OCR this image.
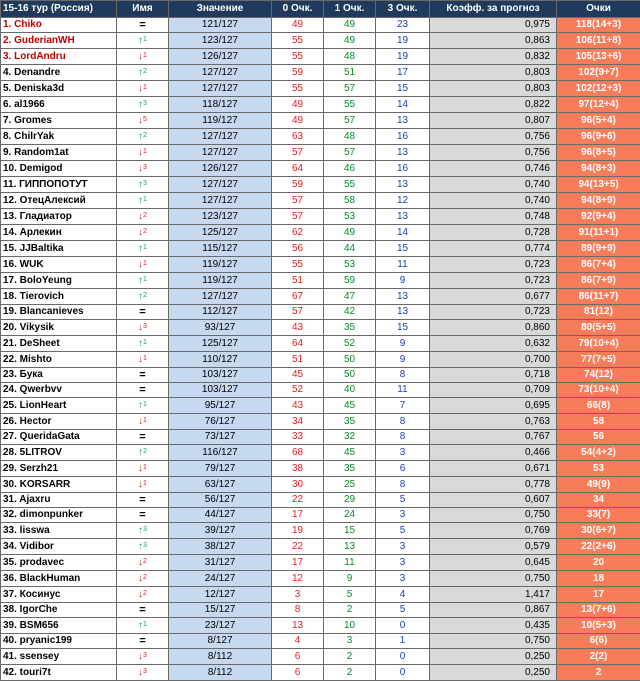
15-16 тур (Россия)	Имя	Значение	0 Очк.	1 Очк.	3 Очк.	Коэфф. за прогноз	Очки
1. Chiko	=	121/127	49	49	23	0,975	118(14+3)
2. GuderianWH	↑$^1$	123/127	55	49	19	0,863	106(11+8)
3. LordAndru	↓$^1$	126/127	55	48	19	0,832	105(13+6)
4. Denandre	↑$^2$	127/127	59	51	17	0,803	102(9+7)
5. Deniska3d	↓$^1$	127/127	55	57	15	0,803	102(12+3)
6. al1966	↑$^3$	118/127	49	55	14	0,822	97(12+4)
7. Gromes	↓$^5$	119/127	49	57	13	0,807	96(5+4)
8. ChilrYak	↑$^2$	127/127	63	48	16	0,756	96(9+6)
9. Random1at	↓$^1$	127/127	57	57	13	0,756	96(8+5)
10. Demigod	↓$^3$	126/127	64	46	16	0,746	94(8+3)
11. ГИППОПОТУТ	↑$^3$	127/127	59	55	13	0,740	94(13+5)
12. ОтецАлексий	↑$^1$	127/127	57	58	12	0,740	94(8+9)
13. Гладиатор	↓$^2$	123/127	57	53	13	0,748	92(9+4)
14. Арлекин	↓$^2$	125/127	62	49	14	0,728	91(11+1)
15. JJBaltika	↑$^1$	115/127	56	44	15	0,774	89(9+9)
16. WUK	↓$^1$	119/127	55	53	11	0,723	86(7+4)
17. BoloYeung	↑$^1$	119/127	51	59	9	0,723	86(7+9)
18. Tierovich	↑$^2$	127/127	67	47	13	0,677	86(11+7)
19. Blancanieves	=	112/127	57	42	13	0,723	81(12)
20. Vikysik	↓$^3$	93/127	43	35	15	0,860	80(5+5)
21. DeSheet	↑$^1$	125/127	64	52	9	0,632	79(10+4)
22. Mishto	↓$^1$	110/127	51	50	9	0,700	77(7+5)
23. Бука	=	103/127	45	50	8	0,718	74(12)
24. Qwerbvv	=	103/127	52	40	11	0,709	73(10+4)
25. LionHeart	↑$^1$	95/127	43	45	7	0,695	66(8)
26. Hector	↓$^1$	76/127	34	35	8	0,763	58
27. QueridaGata	=	73/127	33	32	8	0,767	56
28. 5LITROV	↑$^2$	116/127	68	45	3	0,466	54(4+2)
29. Serzh21	↓$^1$	79/127	38	35	6	0,671	53
30. KORSARR	↓$^1$	63/127	30	25	8	0,778	49(9)
31. Ajaxru	=	56/127	22	29	5	0,607	34
32. dimonpunker	=	44/127	17	24	3	0,750	33(7)
33. lisswa	↑$^3$	39/127	19	15	5	0,769	30(6+7)
34. Vidibor	↑$^3$	38/127	22	13	3	0,579	22(2+6)
35. prodavec	↓$^2$	31/127	17	11	3	0,645	20
36. BlackHuman	↓$^2$	24/127	12	9	3	0,750	18
37. Косинус	↓$^2$	12/127	3	5	4	1,417	17
38. IgorChe	=	15/127	8	2	5	0,867	13(7+6)
39. BSM656	↑$^1$	23/127	13	10	0	0,435	10(5+3)
40. pryanic199	=	8/127	4	3	1	0,750	6(6)
41. ssensey	↓$^3$	8/112	6	2	0	0,250	2(2)
42. touri7t	↓$^3$	8/112	6	2	0	0,250	2
